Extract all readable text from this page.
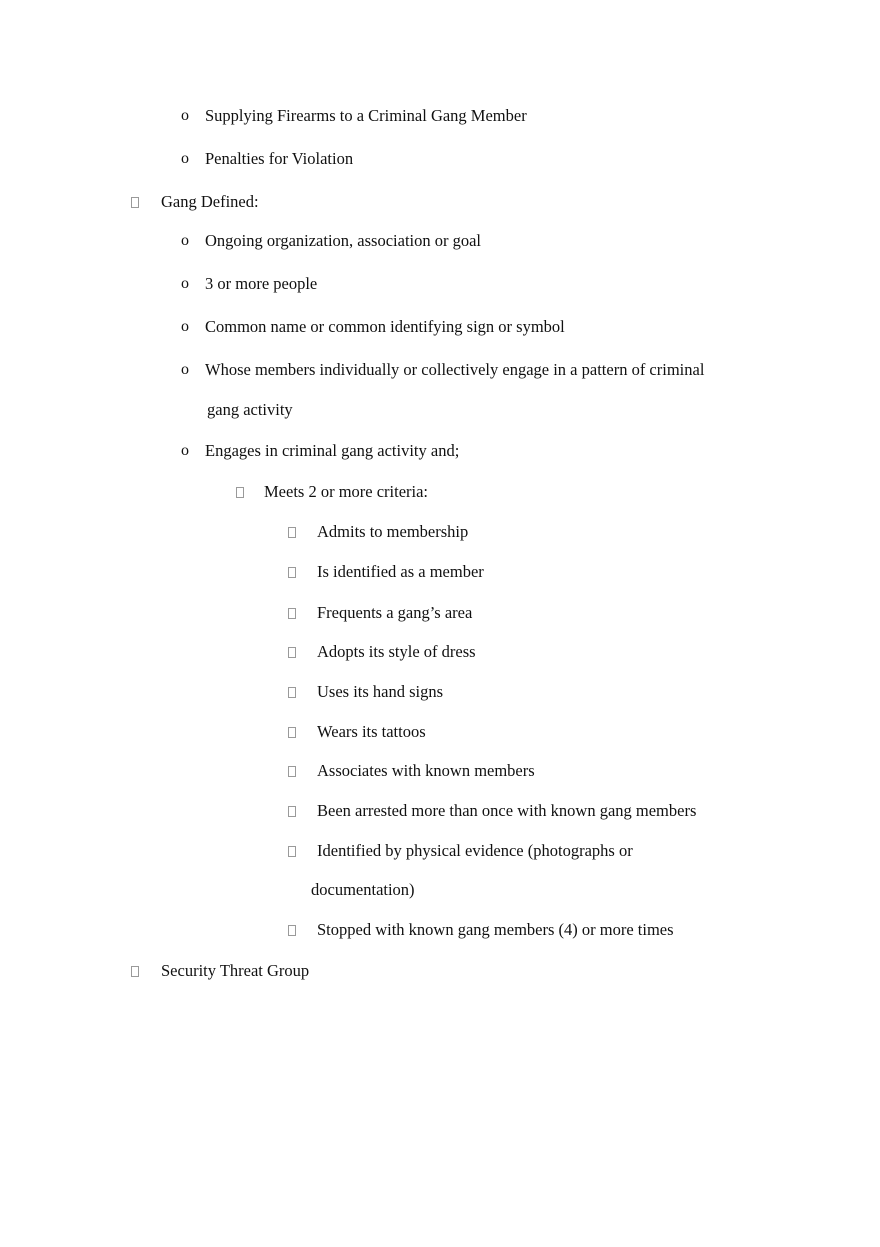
o Supplying Firearms to a Criminal Gang Member
o Penalties for Violation
Gang Defined:
o Ongoing organization, association or goal
o 3 or more people
o Common name or common identifying sign or symbol
o Whose members individually or collectively engage in a pattern of criminal
gang activity
o Engages in criminal gang activity and;
Meets 2 or more criteria:
Admits to membership
Is identified as a member
Frequents a gang’s area
Adopts its style of dress
Uses its hand signs
Wears its tattoos
Associates with known members
Been arrested more than once with known gang members
Identified by physical evidence (photographs or
documentation)
Stopped with known gang members (4) or more times
Security Threat Group
